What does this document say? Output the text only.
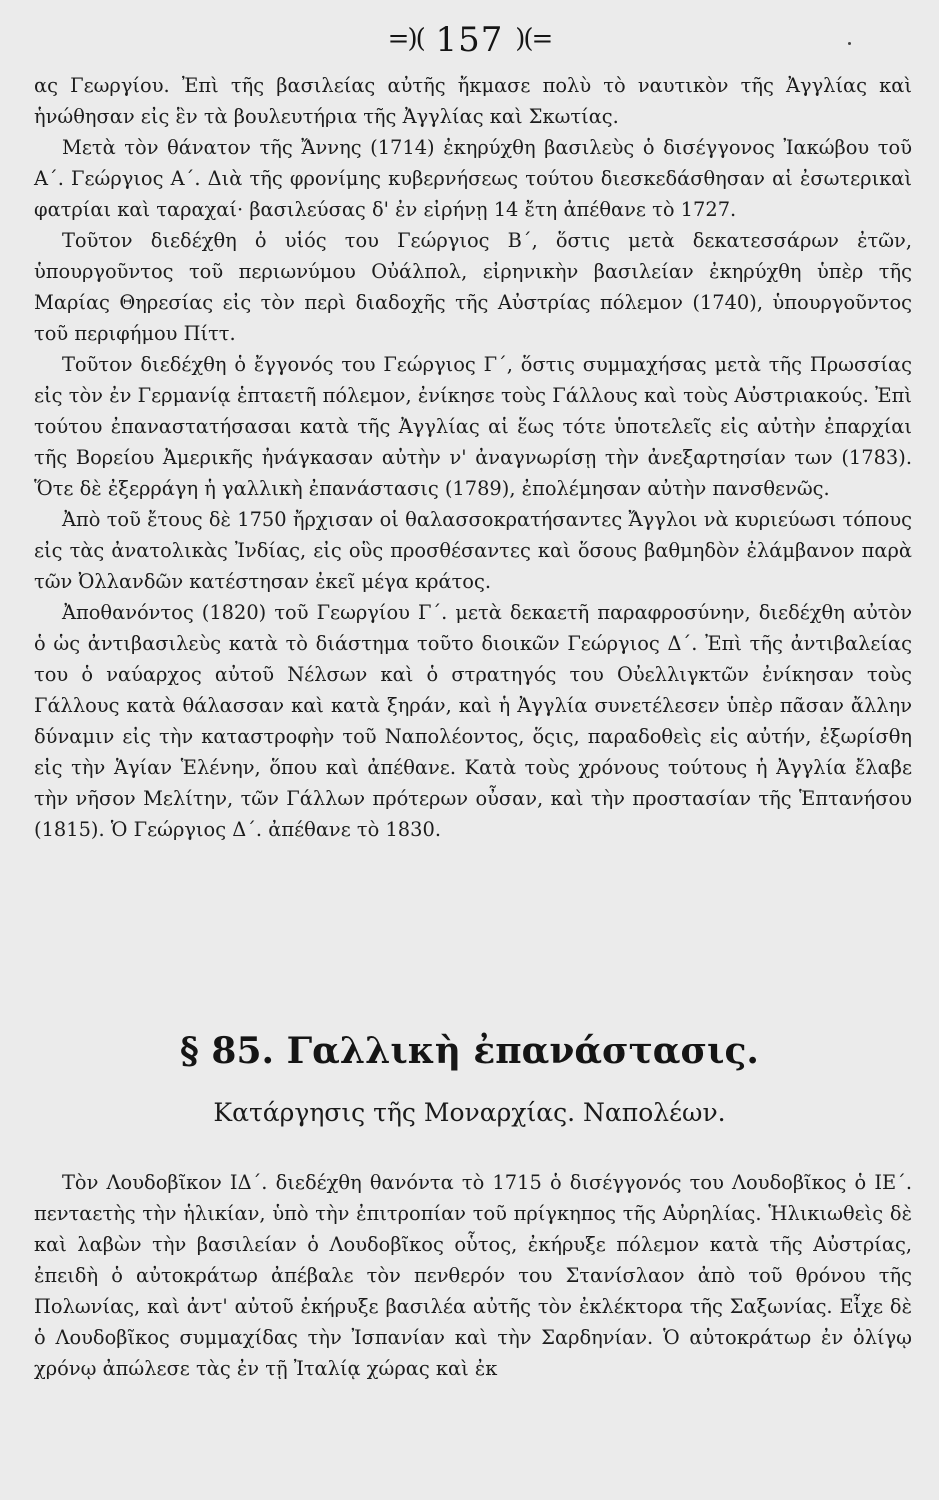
=)( 157 )(=

ας Γεωργίου. Ἐπὶ τῆς βασιλείας αὐτῆς ἤκμασε πολὺ τὸ ναυτικὸν τῆς Ἀγγλίας καὶ ἡνώθησαν εἰς ἓν τὰ βουλευτήρια τῆς Ἀγγλίας καὶ Σκωτίας.

Μετὰ τὸν θάνατον τῆς Ἄννης (1714) ἐκηρύχθη βασιλεὺς ὁ δισέγγονος Ἰακώβου τοῦ Α΄. Γεώργιος Α΄. Διὰ τῆς φρονίμης κυβερνήσεως τούτου διεσκεδάσθησαν αἱ ἐσωτερικαὶ φατρίαι καὶ ταραχαί· βασιλεύσας δ' ἐν εἰρήνῃ 14 ἔτη ἀπέθανε τὸ 1727.

Τοῦτον διεδέχθη ὁ υἱός του Γεώργιος Β΄, ὅστις μετὰ δεκατεσσάρων ἐτῶν, ὑπουργοῦντος τοῦ περιωνύμου Οὐάλπολ, εἰρηνικὴν βασιλείαν ἐκηρύχθη ὑπὲρ τῆς Μαρίας Θηρεσίας εἰς τὸν περὶ διαδοχῆς τῆς Αὐστρίας πόλεμον (1740), ὑπουργοῦντος τοῦ περιφήμου Πίττ.

Τοῦτον διεδέχθη ὁ ἔγγονός του Γεώργιος Γ΄, ὅστις συμμαχήσας μετὰ τῆς Πρωσσίας εἰς τὸν ἐν Γερμανίᾳ ἑπταετῆ πόλεμον, ἐνίκησε τοὺς Γάλλους καὶ τοὺς Αὐστριακούς. Ἐπὶ τούτου ἐπαναστατήσασαι κατὰ τῆς Ἀγγλίας αἱ ἕως τότε ὑποτελεῖς εἰς αὐτὴν ἐπαρχίαι τῆς Βορείου Ἀμερικῆς ἠνάγκασαν αὐτὴν ν' ἀναγνωρίσῃ τὴν ἀνεξαρτησίαν των (1783). Ὅτε δὲ ἐξερράγη ἡ γαλλικὴ ἐπανάστασις (1789), ἐπολέμησαν αὐτὴν πανσθενῶς.

Ἀπὸ τοῦ ἔτους δὲ 1750 ἤρχισαν οἱ θαλασσοκρατήσαντες Ἄγγλοι νὰ κυριεύωσι τόπους εἰς τὰς ἀνατολικὰς Ἰνδίας, εἰς οὓς προσθέσαντες καὶ ὅσους βαθμηδὸν ἐλάμβανον παρὰ τῶν Ὀλλανδῶν κατέστησαν ἐκεῖ μέγα κράτος.

Ἀποθανόντος (1820) τοῦ Γεωργίου Γ΄. μετὰ δεκαετῆ παραφροσύνην, διεδέχθη αὐτὸν ὁ ὡς ἀντιβασιλεὺς κατὰ τὸ διάστημα τοῦτο διοικῶν Γεώργιος Δ΄. Ἐπὶ τῆς ἀντιβαλείας του ὁ ναύαρχος αὐτοῦ Νέλσων καὶ ὁ στρατηγός του Οὐελλιγκτῶν ἐνίκησαν τοὺς Γάλλους κατὰ θάλασσαν καὶ κατὰ ξηράν, καὶ ἡ Ἀγγλία συνετέλεσεν ὑπὲρ πᾶσαν ἄλλην δύναμιν εἰς τὴν καταστροφὴν τοῦ Ναπολέοντος, ὅςις, παραδοθεὶς εἰς αὐτήν, ἐξωρίσθη εἰς τὴν Ἁγίαν Ἑλένην, ὅπου καὶ ἀπέθανε. Κατὰ τοὺς χρόνους τούτους ἡ Ἀγγλία ἔλαβε τὴν νῆσον Μελίτην, τῶν Γάλλων πρότερων οὖσαν, καὶ τὴν προστασίαν τῆς Ἑπτανήσου (1815). Ὁ Γεώργιος Δ΄. ἀπέθανε τὸ 1830.

§ 85. Γαλλικὴ ἐπανάστασις.
Κατάργησις τῆς Μοναρχίας. Ναπολέων.

Τὸν Λουδοβῖκον ΙΔ΄. διεδέχθη θανόντα τὸ 1715 ὁ δισέγγονός του Λουδοβῖκος ὁ ΙΕ΄. πενταετὴς τὴν ἡλικίαν, ὑπὸ τὴν ἐπιτροπίαν τοῦ πρίγκηπος τῆς Αὐρηλίας. Ἡλικιωθεὶς δὲ καὶ λαβὼν τὴν βασιλείαν ὁ Λουδοβῖκος οὗτος, ἐκήρυξε πόλεμον κατὰ τῆς Αὐστρίας, ἐπειδὴ ὁ αὐτοκράτωρ ἀπέβαλε τὸν πενθερόν του Στανίσλαον ἀπὸ τοῦ θρόνου τῆς Πολωνίας, καὶ ἀντ' αὐτοῦ ἐκήρυξε βασιλέα αὐτῆς τὸν ἐκλέκτορα τῆς Σαξωνίας. Εἶχε δὲ ὁ Λουδοβῖκος συμμαχίδας τὴν Ἰσπανίαν καὶ τὴν Σαρδηνίαν. Ὁ αὐτοκράτωρ ἐν ὀλίγῳ χρόνῳ ἀπώλεσε τὰς ἐν τῇ Ἰταλίᾳ χώρας καὶ ἐκ
